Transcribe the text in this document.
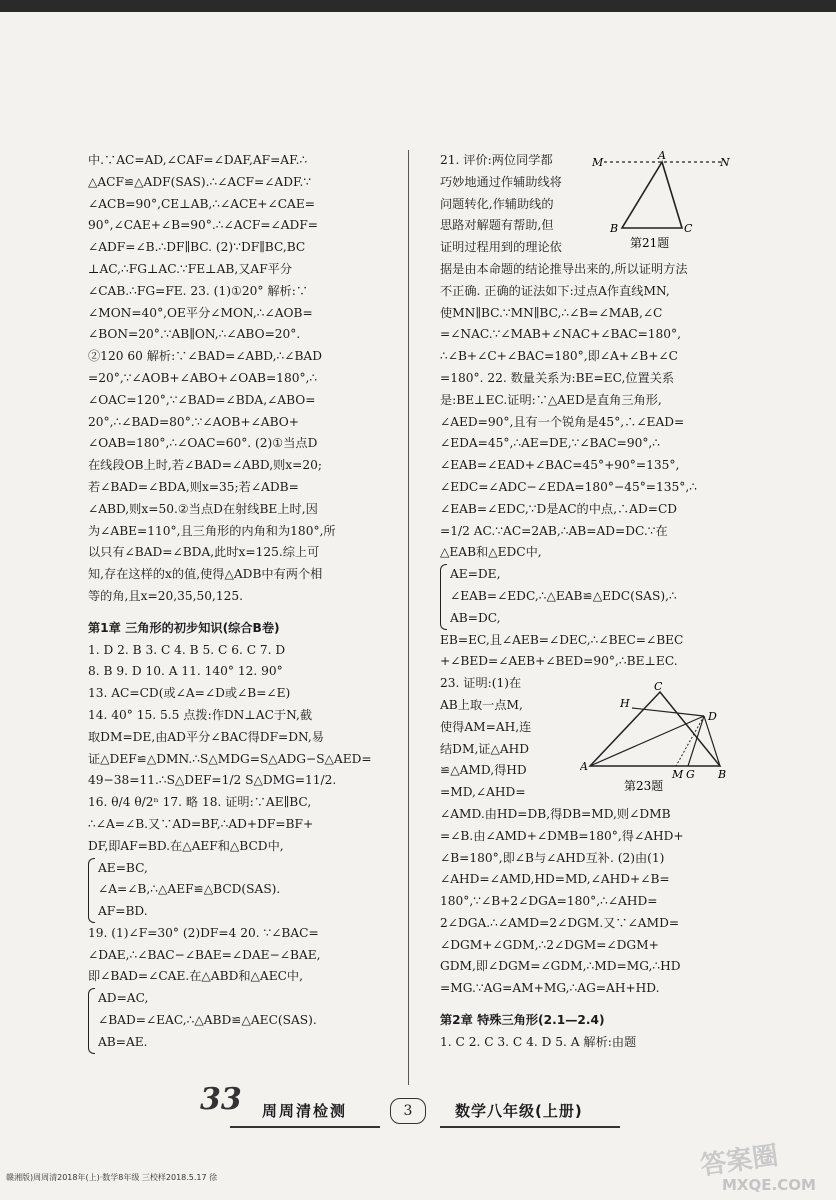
中.∵AC=AD,∠CAF=∠DAF,AF=AF.∴
△ACF≌△ADF(SAS).∴∠ACF=∠ADF.∵
∠ACB=90°,CE⊥AB,∴∠ACE+∠CAE=
90°,∠CAE+∠B=90°.∴∠ACF=∠ADF=
∠ADF=∠B.∴DF∥BC. (2)∵DF∥BC,BC
⊥AC,∴FG⊥AC.∵FE⊥AB,又AF平分
∠CAB.∴FG=FE. 23. (1)①20° 解析:∵
∠MON=40°,OE平分∠MON,∴∠AOB=
∠BON=20°.∵AB∥ON,∴∠ABO=20°.
②120 60 解析:∵∠BAD=∠ABD,∴∠BAD
=20°,∵∠AOB+∠ABO+∠OAB=180°,∴
∠OAC=120°,∵∠BAD=∠BDA,∠ABO=
20°,∴∠BAD=80°.∵∠AOB+∠ABO+
∠OAB=180°,∴∠OAC=60°. (2)①当点D
在线段OB上时,若∠BAD=∠ABD,则x=20;
若∠BAD=∠BDA,则x=35;若∠ADB=
∠ABD,则x=50.②当点D在射线BE上时,因
为∠ABE=110°,且三角形的内角和为180°,所
以只有∠BAD=∠BDA,此时x=125.综上可
知,存在这样的x的值,使得△ADB中有两个相
等的角,且x=20,35,50,125.
第1章 三角形的初步知识(综合B卷)
1. D 2. B 3. C 4. B 5. C 6. C 7. D
8. B 9. D 10. A 11. 140° 12. 90°
13. AC=CD(或∠A=∠D或∠B=∠E)
14. 40° 15. 5.5 点拨:作DN⊥AC于N,截
取DM=DE,由AD平分∠BAC得DF=DN,易
证△DEF≌△DMN.∴S△MDG=S△ADG−S△AED=
49−38=11.∴S△DEF=1/2 S△DMG=11/2.
16. θ/4 θ/2ⁿ 17. 略 18. 证明:∵AE∥BC,
∴∠A=∠B.又∵AD=BF,∴AD+DF=BF+
DF,即AF=BD.在△AEF和△BCD中,
AE=BC,
∠A=∠B,∴△AEF≌△BCD(SAS).
AF=BD.
19. (1)∠F=30° (2)DF=4 20. ∵∠BAC=
∠DAE,∴∠BAC−∠BAE=∠DAE−∠BAE,
即∠BAD=∠CAE.在△ABD和△AEC中,
AD=AC,
∠BAD=∠EAC,∴△ABD≌△AEC(SAS).
AB=AE.
21. 评价:两位同学都
巧妙地通过作辅助线将
问题转化,作辅助线的
思路对解题有帮助,但
证明过程用到的理论依
据是由本命题的结论推导出来的,所以证明方法
不正确. 正确的证法如下:过点A作直线MN,
使MN∥BC.∵MN∥BC,∴∠B=∠MAB,∠C
=∠NAC.∵∠MAB+∠NAC+∠BAC=180°,
∴∠B+∠C+∠BAC=180°,即∠A+∠B+∠C
=180°. 22. 数量关系为:BE=EC,位置关系
是:BE⊥EC.证明:∵△AED是直角三角形,
∠AED=90°,且有一个锐角是45°,∴∠EAD=
∠EDA=45°,∴AE=DE,∵∠BAC=90°,∴
∠EAB=∠EAD+∠BAC=45°+90°=135°,
∠EDC=∠ADC−∠EDA=180°−45°=135°,∴
∠EAB=∠EDC,∵D是AC的中点,∴AD=CD
=1/2 AC.∵AC=2AB,∴AB=AD=DC.∵在
△EAB和△EDC中,
AE=DE,
∠EAB=∠EDC,∴△EAB≌△EDC(SAS),∴
AB=DC,
EB=EC,且∠AEB=∠DEC,∴∠BEC=∠BEC
+∠BED=∠AEB+∠BED=90°,∴BE⊥EC.
23. 证明:(1)在
AB上取一点M,
使得AM=AH,连
结DM,证△AHD
≌△AMD,得HD
=MD,∠AHD=
∠AMD.由HD=DB,得DB=MD,则∠DMB
=∠B.由∠AMD+∠DMB=180°,得∠AHD+
∠B=180°,即∠B与∠AHD互补. (2)由(1)
∠AHD=∠AMD,HD=MD,∠AHD+∠B=
180°,∵∠B+2∠DGA=180°,∴∠AHD=
2∠DGA.∴∠AMD=2∠DGM.又∵∠AMD=
∠DGM+∠GDM,∴2∠DGM=∠DGM+
GDM,即∠DGM=∠GDM,∴MD=MG,∴HD
=MG.∵AG=AM+MG,∴AG=AH+HD.
第2章 特殊三角形(2.1—2.4)
1. C 2. C 3. C 4. D 5. A 解析:由题
M
A
N
B	C
第21题
C
H
D
A
M G B
第23题
33 周周清检测	3	数学八年级(上册)
赣湘版)周周清2018年(上)·数学8年级 三校样2018.5.17 徐	答案圈
MXQE.COM
